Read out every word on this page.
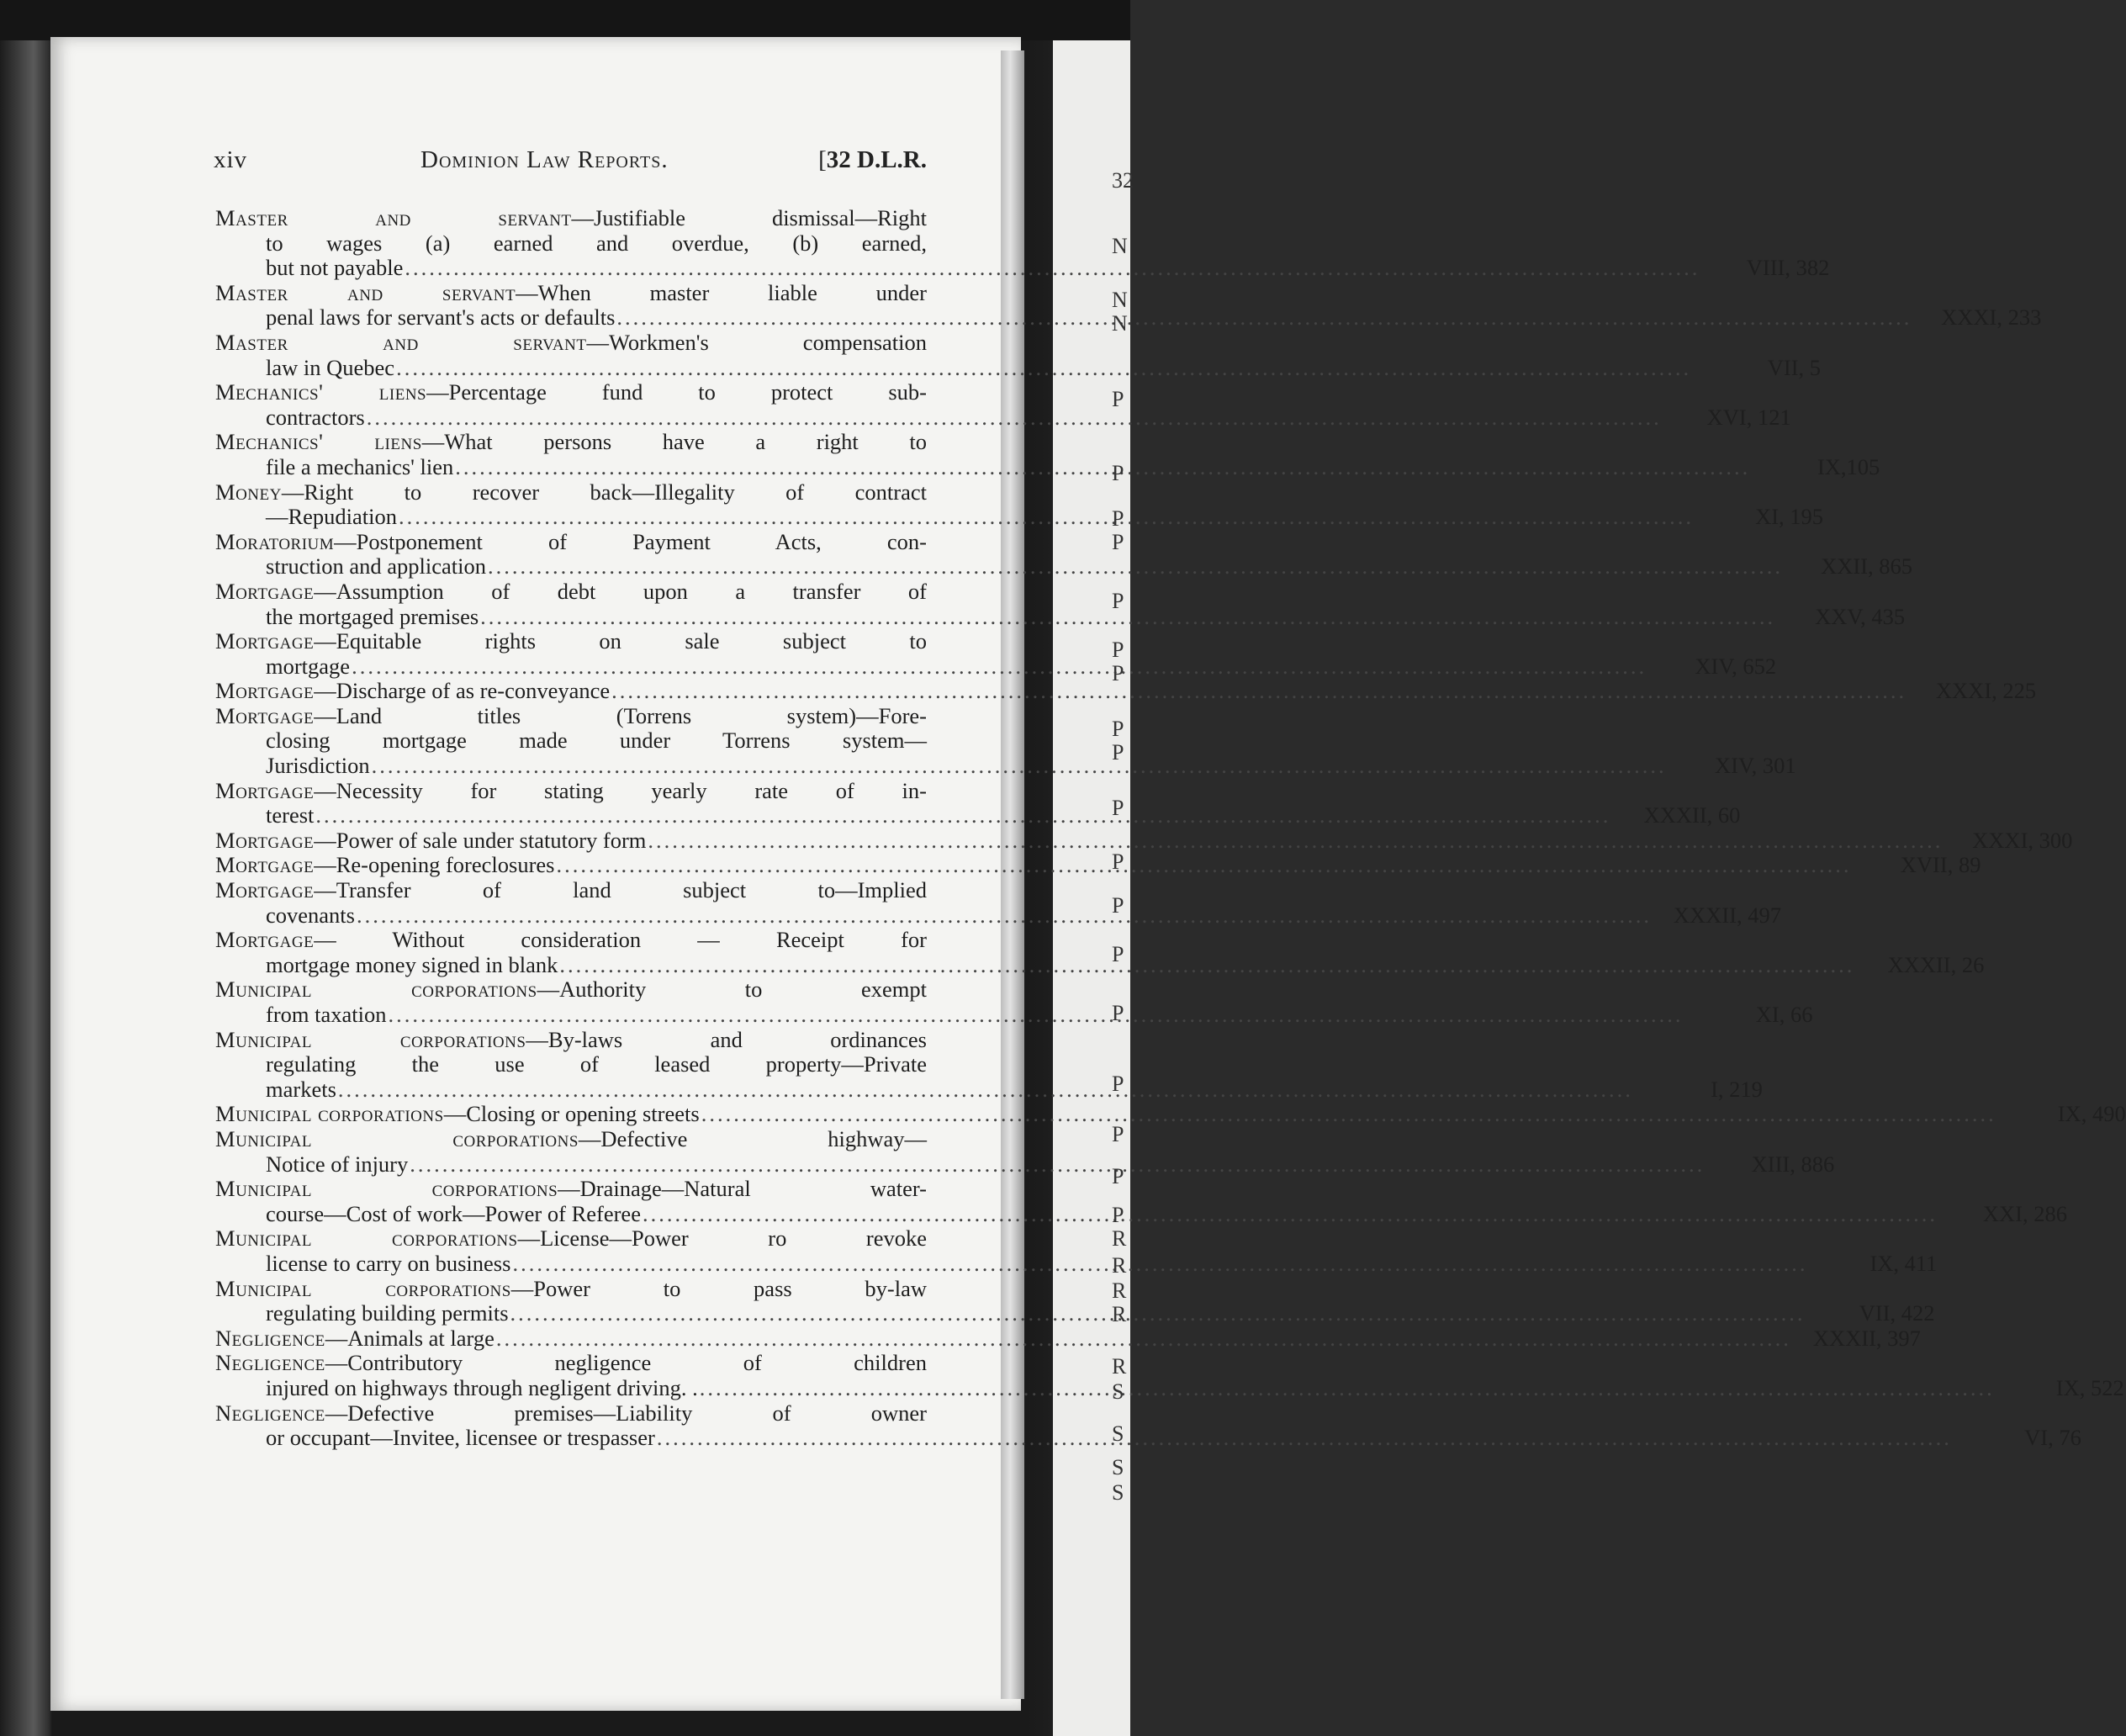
xiv	Dominion Law Reports.	[32 D.L.R.
Master and servant—Justifiable dismissal—Right
to wages (a) earned and overdue, (b) earned,
but not payable .....	VIII, 382
Master and servant—When master liable under
penal laws for servant's acts or defaults .....	XXXI, 233
Master and servant—Workmen's compensation
law in Quebec .....	VII, 5
Mechanics' liens—Percentage fund to protect sub-
contractors .....	XVI, 121
Mechanics' liens—What persons have a right to
file a mechanics' lien .....	IX,105
Money—Right to recover back—Illegality of contract
—Repudiation .....	XI, 195
Moratorium—Postponement of Payment Acts, con-
struction and application .....	XXII, 865
Mortgage—Assumption of debt upon a transfer of
the mortgaged premises .....	XXV, 435
Mortgage—Equitable rights on sale subject to
mortgage .....	XIV, 652
Mortgage—Discharge of as re-conveyance .....	XXXI, 225
Mortgage—Land titles (Torrens system)—Fore-
closing mortgage made under Torrens system—
Jurisdiction .....	XIV, 301
Mortgage—Necessity for stating yearly rate of in-
terest .....	XXXII, 60
Mortgage—Power of sale under statutory form .....	XXXI, 300
Mortgage—Re-opening foreclosures .....	XVII, 89
Mortgage—Transfer of land subject to—Implied
covenants .....	XXXII, 497
Mortgage— Without consideration — Receipt for
mortgage money signed in blank .....	XXXII, 26
Municipal corporations—Authority to exempt
from taxation .....	XI, 66
Municipal corporations—By-laws and ordinances
regulating the use of leased property—Private
markets .....	I, 219
Municipal corporations—Closing or opening streets .....	IX, 490
Municipal corporations—Defective highway—
Notice of injury .....	XIII, 886
Municipal corporations—Drainage—Natural water-
course—Cost of work—Power of Referee .....	XXI, 286
Municipal corporations—License—Power ro revoke
license to carry on business .....	IX, 411
Municipal corporations—Power to pass by-law
regulating building permits .....	VII, 422
Negligence—Animals at large .....	XXXII, 397
Negligence—Contributory negligence of children
injured on highways through negligent driving. . .....	IX, 522
Negligence—Defective premises—Liability of owner
or occupant—Invitee, licensee or trespasser .....	VI, 76
32
N
N
N
P
P
P
P
P
P
P
P
P
P
P
P
P
P
P
P
P
P
R
R
R
R
R
S
S
S
S
